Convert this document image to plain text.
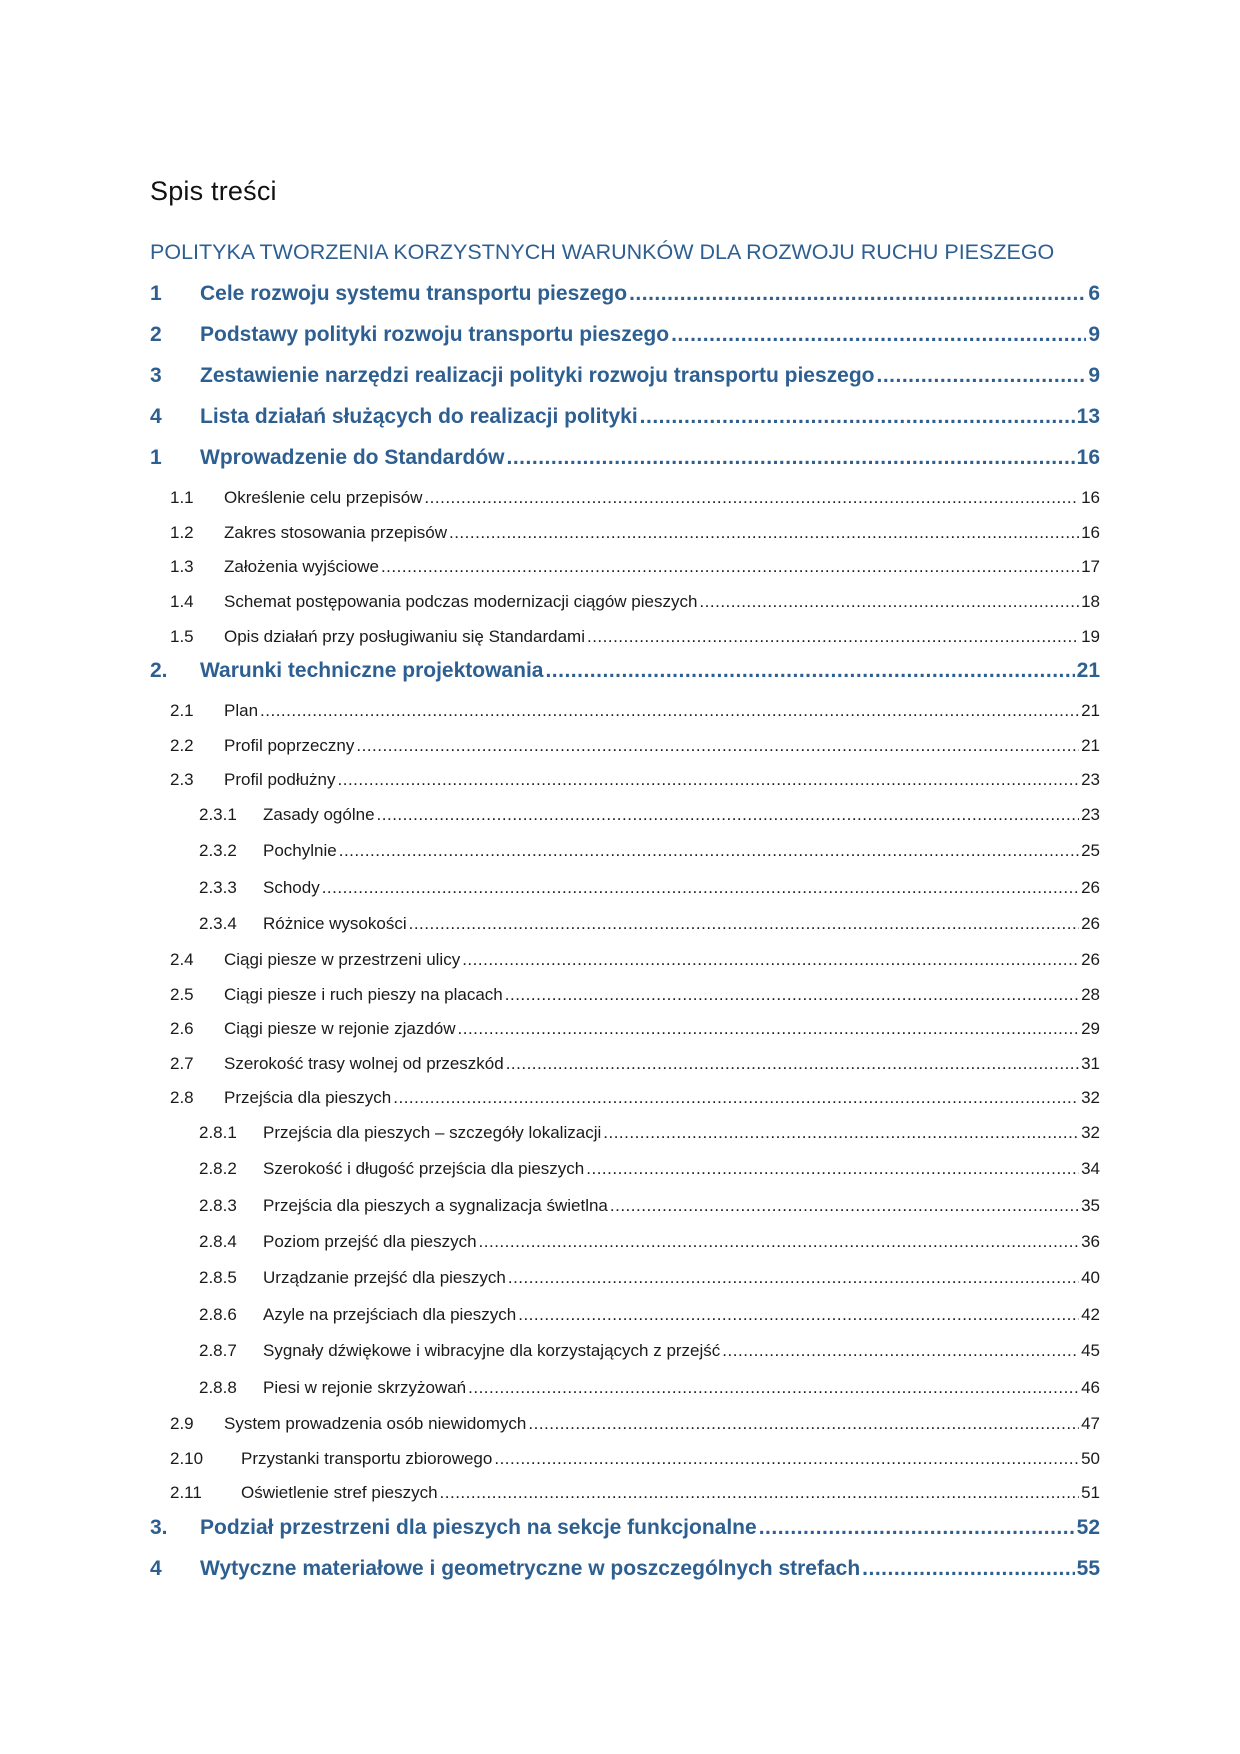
Spis treści
POLITYKA TWORZENIA KORZYSTNYCH WARUNKÓW DLA ROZWOJU RUCHU PIESZEGO
1	Cele rozwoju systemu transportu pieszego .....	6
2	Podstawy polityki rozwoju transportu pieszego .....	9
3	Zestawienie narzędzi realizacji polityki rozwoju transportu pieszego .....	9
4	Lista działań służących do realizacji polityki .....	13
1	Wprowadzenie do Standardów .....	16
1.1	Określenie celu przepisów .....	16
1.2	Zakres stosowania przepisów .....	16
1.3	Założenia wyjściowe .....	17
1.4	Schemat postępowania podczas modernizacji ciągów pieszych .....	18
1.5	Opis działań przy posługiwaniu się Standardami .....	19
2.	Warunki techniczne projektowania .....	21
2.1	Plan .....	21
2.2	Profil poprzeczny .....	21
2.3	Profil podłużny .....	23
2.3.1	Zasady ogólne .....	23
2.3.2	Pochylnie .....	25
2.3.3	Schody .....	26
2.3.4	Różnice wysokości .....	26
2.4	Ciągi piesze w przestrzeni ulicy .....	26
2.5	Ciągi piesze i ruch pieszy na placach .....	28
2.6	Ciągi piesze w rejonie zjazdów .....	29
2.7	Szerokość trasy wolnej od przeszkód .....	31
2.8	Przejścia dla pieszych .....	32
2.8.1	Przejścia dla pieszych – szczegóły lokalizacji .....	32
2.8.2	Szerokość i długość przejścia dla pieszych .....	34
2.8.3	Przejścia dla pieszych a sygnalizacja świetlna .....	35
2.8.4	Poziom przejść dla pieszych .....	36
2.8.5	Urządzanie przejść dla pieszych .....	40
2.8.6	Azyle na przejściach dla pieszych .....	42
2.8.7	Sygnały dźwiękowe i wibracyjne dla korzystających z przejść .....	45
2.8.8	Piesi w rejonie skrzyżowań .....	46
2.9	System prowadzenia osób niewidomych .....	47
2.10	Przystanki transportu zbiorowego .....	50
2.11	Oświetlenie stref pieszych .....	51
3.	Podział przestrzeni dla pieszych na sekcje funkcjonalne .....	52
4	Wytyczne materiałowe i geometryczne w poszczególnych strefach .....	55
